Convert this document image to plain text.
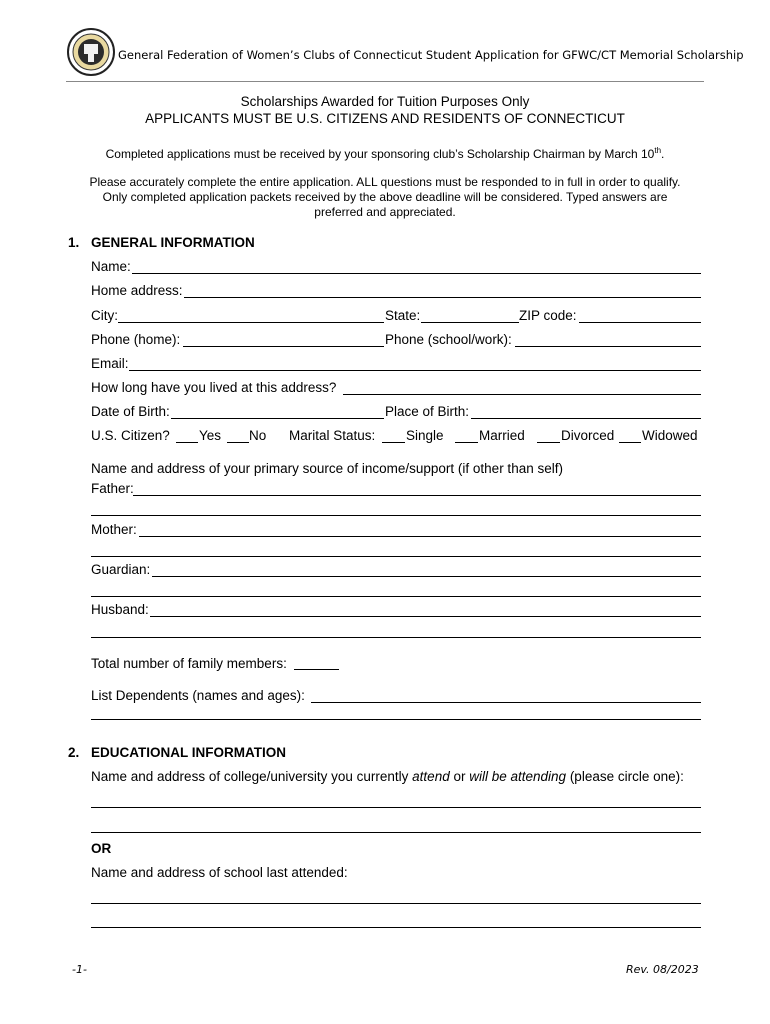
General Federation of Women’s Clubs of Connecticut Student Application for GFWC/CT Memorial Scholarship
Scholarships Awarded for Tuition Purposes Only
APPLICANTS MUST BE U.S. CITIZENS AND RESIDENTS OF CONNECTICUT
Completed applications must be received by your sponsoring club’s Scholarship Chairman by March 10th.
Please accurately complete the entire application. ALL questions must be responded to in full in order to qualify.
Only completed application packets received by the above deadline will be considered. Typed answers are
preferred and appreciated.
1. GENERAL INFORMATION
Name:
Home address:
City:	State:	ZIP code:
Phone (home):	Phone (school/work):
Email:
How long have you lived at this address?
Date of Birth:	Place of Birth:
U.S. Citizen? Yes No Marital Status: Single	Married	Divorced Widowed
Name and address of your primary source of income/support (if other than self)
Father:
Mother:
Guardian:
Husband:
Total number of family members:
List Dependents (names and ages):
2. EDUCATIONAL INFORMATION
Name and address of college/university you currently attend or will be attending (please circle one):
OR
Name and address of school last attended:
-1-	Rev. 08/2023
